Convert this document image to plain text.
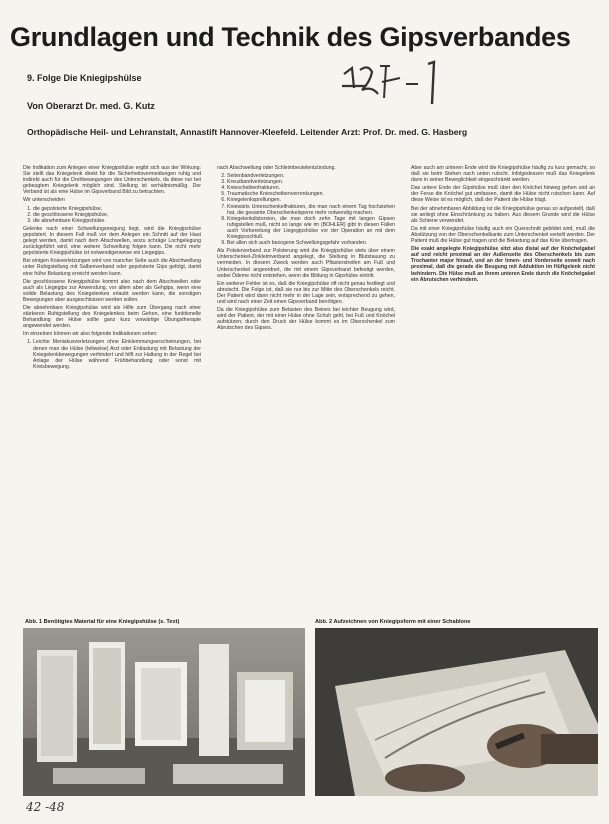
Grundlagen und Technik des Gipsverbandes
9. Folge Die Kniegipshülse
Von Oberarzt Dr. med. G. Kutz
Orthopädische Heil- und Lehranstalt, Annastift Hannover-Kleefeld. Leitender Arzt: Prof. Dr. med. G. Hasberg

Die Indikation zum Anlegen einer Kniegipshülse ergibt sich aus der Wirkung: Sie stellt das Kniegelenk direkt für die Sicherheitsvermeidungen ruhig und indirekt auch für die Drehbewegungen des Unterschenkels, da diese nur bei gebeugtem Kniegelenk möglich sind. Stellung ist verhältnismäßig. Der Verband ist als eine Hülse im Gipsverband Bild zu betrachten.

Wir unterscheiden

1. die gepolsterte Kniegipshülse,
2. die geschlossene Kniegipshülse,
3. die abnehmbare Kniegipshülse.

Gelenke nach einer Schwellungsneigung liegt, wird die Kniegipshülse gepolstert. In diesem Fall muß vor dem Anlegen ein Schnitt auf der Haut gelegt werden, damit nach dem Abschwellen, wozu schräge Lochgelegung zurückgeführt wird, eine weitere Schwellung folgen kann. Die nicht mehr gepolsterte Kniegipshülse ist notwendigerweise ein Liegegips.

Bei einigen Knieverletzungen wird von mancher Seite auch die Abschwellung unter Ruhigstellung mit Salbenverband oder gepolsterte Gips gefolgt, damit eine frühe Belastung erreicht werden kann.

Die geschlossene Kniegipshülse kommt also nach dem Abschwellen oder auch als Liegegips zur Anwendung, vor allem aber als Gehgips, wenn eine solide Belastung des Kniegelenkes erlaubt werden kann, die sonstigen Bewegungen aber ausgeschlossen werden sollen.

Die abnehmbare Kniegipshülse wird als Hilfe zum Übergang nach einer stärkeren Ruhigstellung des Kniegelenkes beim Gehen, eine funktionelle Behandlung der Hülse sollte ganz kurz vorwärtige Übungstherapie angewendet werden.

Im einzelnen können wir also folgende Indikationen sehen:

1. Leichte Meniskusverletzungen ohne Einklemmungserscheinungen, bei denen man die Hülse (teilweise) Arzt oder Entlastung mit Belastung der Kniegelenkbewegungen verhindert und hilft zur Haltung in der Regel bei Anlage der Hülse während Frühbehandlung oder sonst mit Kreisbewegung.

nach Abschwellung oder Schleimbeutelentzündung.

2. Seitenbandverletzungen.
3. Kreuzbandverletzungen.
4. Kniescheibenfrakturen.
5. Traumatische Kniescheibenverrenkungen.
6. Kniegelenksprellungen.
7. Kniewärts Unterschenkelfrakturen, die man nach einem Tag hochziehen hat, die gesamte Oberschenkelsperre mehr notwendig machen.
8. Kniegelenkdistorsion, die man doch zehn Tage mit langen Gipsen ruhigstellen muß, nicht so lange wie im (BOHLER) gibt in diesen Fällen auch Vorbereitung der Liegegipshülse vor der Operation an mit dem Kniegipsschluß.
9. Bei allen sich auch bezogene Schwellungsgefahr vorhanden.

Als Polsterverband zur Polsterung wird die Kniegipshülse stets über einem Unterschenkel-Zinkleimverband angelegt, die Stellung in Blutstauung zu vermeiden. In diesem Zweck werden auch Pflasterstreifen am Fuß und Unterschenkel angeordnet, die mit einem Gipsverband befestigt werden, wobei Ödeme nicht entstehen, wenn die Bildung in Gipshülse eintritt.

Ein weiterer Fehler ist es, daß die Kniegipshülse oft nicht genau festliegt und abrutscht. Die Folge ist, daß sie nur bis zur Mitte des Oberschenkels reicht. Der Patient wird dann nicht mehr in der Lage sein, entsprechend zu gehen, und wird nach einer Zeit einen Gipsverband benötigen.

Da die Kniegipshülse zum Belasten des Beines bei leichter Beugung wird, wird der Patient, der mit einer Hülse ohne Schuh geht, bei Fuß und Knöchel aufstützen; durch den Druck der Hülse kommt es im Oberschenkel zum Abrutschen des Gipses.

Aber auch am unteren Ende wird die Kniegipshülse häufig zu kurz gemacht, so daß sie beim Stehen nach unten rutscht. Infolgedessen muß das Kniegelenk dann in seiner Beweglichkeit eingeschränkt werden.

Das untere Ende der Gipshülse muß über den Knöchel hinweg gehen und an der Ferse die Knöchel gut umfassen, damit die Hülse nicht rutschen kann. Auf diese Weise ist es möglich, daß der Patient die Hülse trägt.

Bei der abnehmbaren Abbildung ist die Kniegipshülse genau so aufgestellt, daß sie anliegt ohne Einschränkung zu haben. Aus diesem Grunde wird die Hülse als Schiene verwendet.

Da mit einer Kniegipshülse häufig auch ein Querschnitt gebildet wird, muß die Abstützung von der Oberschenkelkante zum Unterschenkel verteilt werden. Der Patient muß die Hülse gut tragen und die Belastung auf das Knie übertragen.

Die exakt angelegte Kniegipshülse sitzt also distal auf der Knöchelgabel auf und reicht proximal an der Außenseite des Oberschenkels bis zum Trochanter major hinauf, und an der Innen- und Vorderseite soweit nach proximal, daß die gerade die Beugung mit Adduktion im Hüftgelenk nicht behindern. Die Hülse muß an ihrem unteren Ende durch die Knöchelgabel ein Abrutschen verhindern.

Abb. 1 Benötigtes Material für eine Kniegipshülse (s. Text)	Abb. 2 Aufzeichnen von Kniegipsform mit einer Schablone
42 -48
